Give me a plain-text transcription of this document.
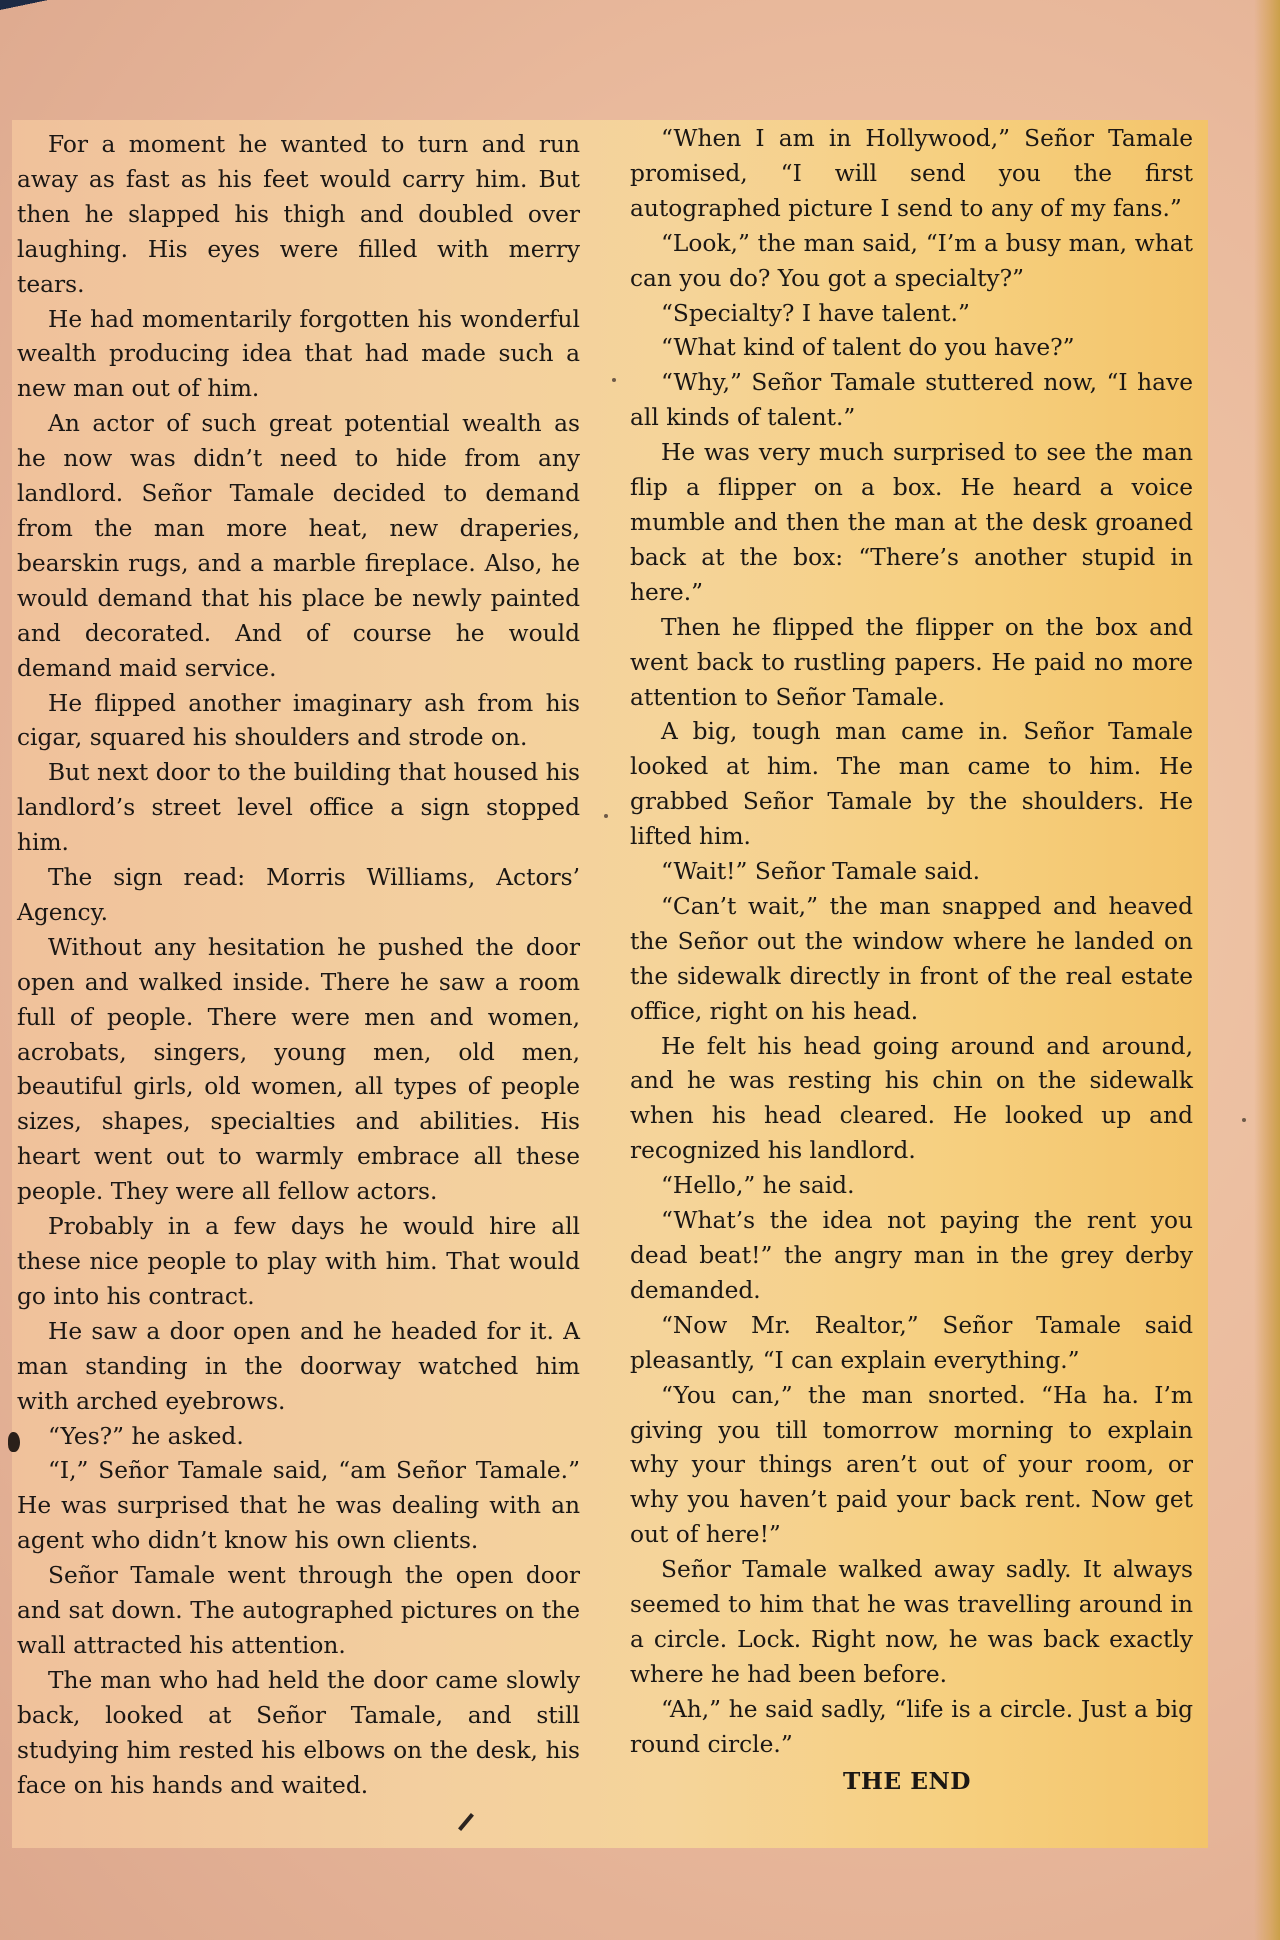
For a moment he wanted to turn and run away as fast as his feet would carry him. But then he slapped his thigh and doubled over laughing. His eyes were filled with merry tears.

He had momentarily forgotten his wonderful wealth producing idea that had made such a new man out of him.

An actor of such great potential wealth as he now was didn’t need to hide from any landlord. Señor Tamale decided to demand from the man more heat, new draperies, bearskin rugs, and a marble fireplace. Also, he would demand that his place be newly painted and decorated. And of course he would demand maid service.

He flipped another imaginary ash from his cigar, squared his shoulders and strode on.

But next door to the building that housed his landlord’s street level office a sign stopped him.

The sign read: Morris Williams, Actors’ Agency.

Without any hesitation he pushed the door open and walked inside. There he saw a room full of people. There were men and women, acrobats, singers, young men, old men, beautiful girls, old women, all types of people sizes, shapes, specialties and abilities. His heart went out to warmly embrace all these people. They were all fellow actors.

Probably in a few days he would hire all these nice people to play with him. That would go into his contract.

He saw a door open and he headed for it. A man standing in the doorway watched him with arched eyebrows.

“Yes?” he asked.

“I,” Señor Tamale said, “am Señor Tamale.” He was surprised that he was dealing with an agent who didn’t know his own clients.

Señor Tamale went through the open door and sat down. The autographed pictures on the wall attracted his attention.

The man who had held the door came slowly back, looked at Señor Tamale, and still studying him rested his elbows on the desk, his face on his hands and waited.

“When I am in Hollywood,” Señor Tamale promised, “I will send you the first autographed picture I send to any of my fans.”

“Look,” the man said, “I’m a busy man, what can you do? You got a specialty?”

“Specialty? I have talent.”

“What kind of talent do you have?”

“Why,” Señor Tamale stuttered now, “I have all kinds of talent.”

He was very much surprised to see the man flip a flipper on a box. He heard a voice mumble and then the man at the desk groaned back at the box: “There’s another stupid in here.”

Then he flipped the flipper on the box and went back to rustling papers. He paid no more attention to Señor Tamale.

A big, tough man came in. Señor Tamale looked at him. The man came to him. He grabbed Señor Tamale by the shoulders. He lifted him.

“Wait!” Señor Tamale said.

“Can’t wait,” the man snapped and heaved the Señor out the window where he landed on the sidewalk directly in front of the real estate office, right on his head.

He felt his head going around and around, and he was resting his chin on the sidewalk when his head cleared. He looked up and recognized his landlord.

“Hello,” he said.

“What’s the idea not paying the rent you dead beat!” the angry man in the grey derby demanded.

“Now Mr. Realtor,” Señor Tamale said pleasantly, “I can explain everything.”

“You can,” the man snorted. “Ha ha. I’m giving you till tomorrow morning to explain why your things aren’t out of your room, or why you haven’t paid your back rent. Now get out of here!”

Señor Tamale walked away sadly. It always seemed to him that he was travelling around in a circle. Lock. Right now, he was back exactly where he had been before.

“Ah,” he said sadly, “life is a circle. Just a big round circle.”

THE END
